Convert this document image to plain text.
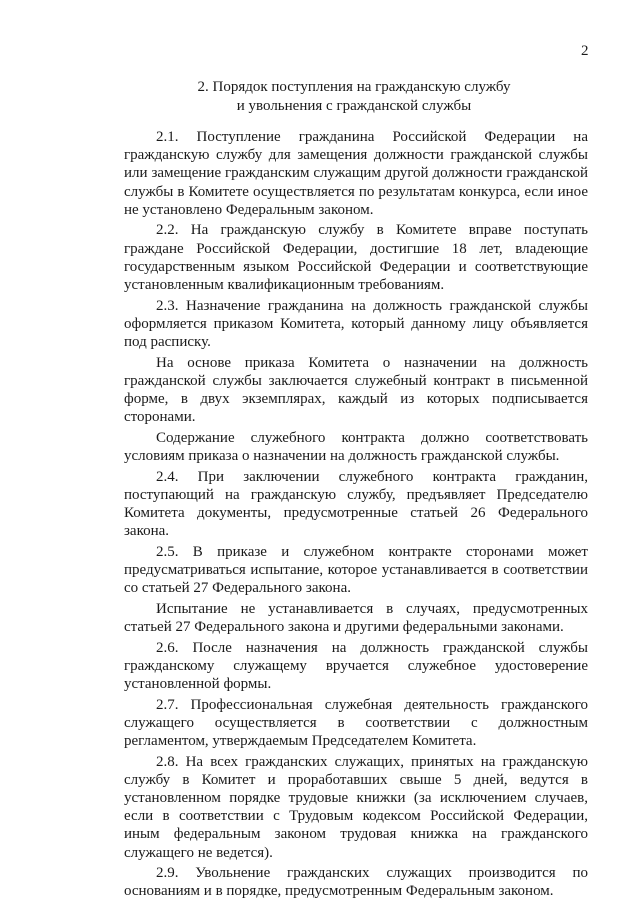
2
2. Порядок поступления на гражданскую службу
и увольнения с гражданской службы

2.1. Поступление гражданина Российской Федерации на гражданскую службу для замещения должности гражданской службы или замещение гражданским служащим другой должности гражданской службы в Комитете осуществляется по результатам конкурса, если иное не установлено Федеральным законом.

2.2. На гражданскую службу в Комитете вправе поступать граждане Российской Федерации, достигшие 18 лет, владеющие государственным языком Российской Федерации и соответствующие установленным квалификационным требованиям.

2.3. Назначение гражданина на должность гражданской службы оформляется приказом Комитета, который данному лицу объявляется под расписку.

На основе приказа Комитета о назначении на должность гражданской службы заключается служебный контракт в письменной форме, в двух экземплярах, каждый из которых подписывается сторонами.

Содержание служебного контракта должно соответствовать условиям приказа о назначении на должность гражданской службы.

2.4. При заключении служебного контракта гражданин, поступающий на гражданскую службу, предъявляет Председателю Комитета документы, предусмотренные статьей 26 Федерального закона.

2.5. В приказе и служебном контракте сторонами может предусматриваться испытание, которое устанавливается в соответствии со статьей 27 Федерального закона.

Испытание не устанавливается в случаях, предусмотренных статьей 27 Федерального закона и другими федеральными законами.

2.6. После назначения на должность гражданской службы гражданскому служащему вручается служебное удостоверение установленной формы.

2.7. Профессиональная служебная деятельность гражданского служащего осуществляется в соответствии с должностным регламентом, утверждаемым Председателем Комитета.

2.8. На всех гражданских служащих, принятых на гражданскую службу в Комитет и проработавших свыше 5 дней, ведутся в установленном порядке трудовые книжки (за исключением случаев, если в соответствии с Трудовым кодексом Российской Федерации, иным федеральным законом трудовая книжка на гражданского служащего не ведется).

2.9. Увольнение гражданских служащих производится по основаниям и в порядке, предусмотренным Федеральным законом.
